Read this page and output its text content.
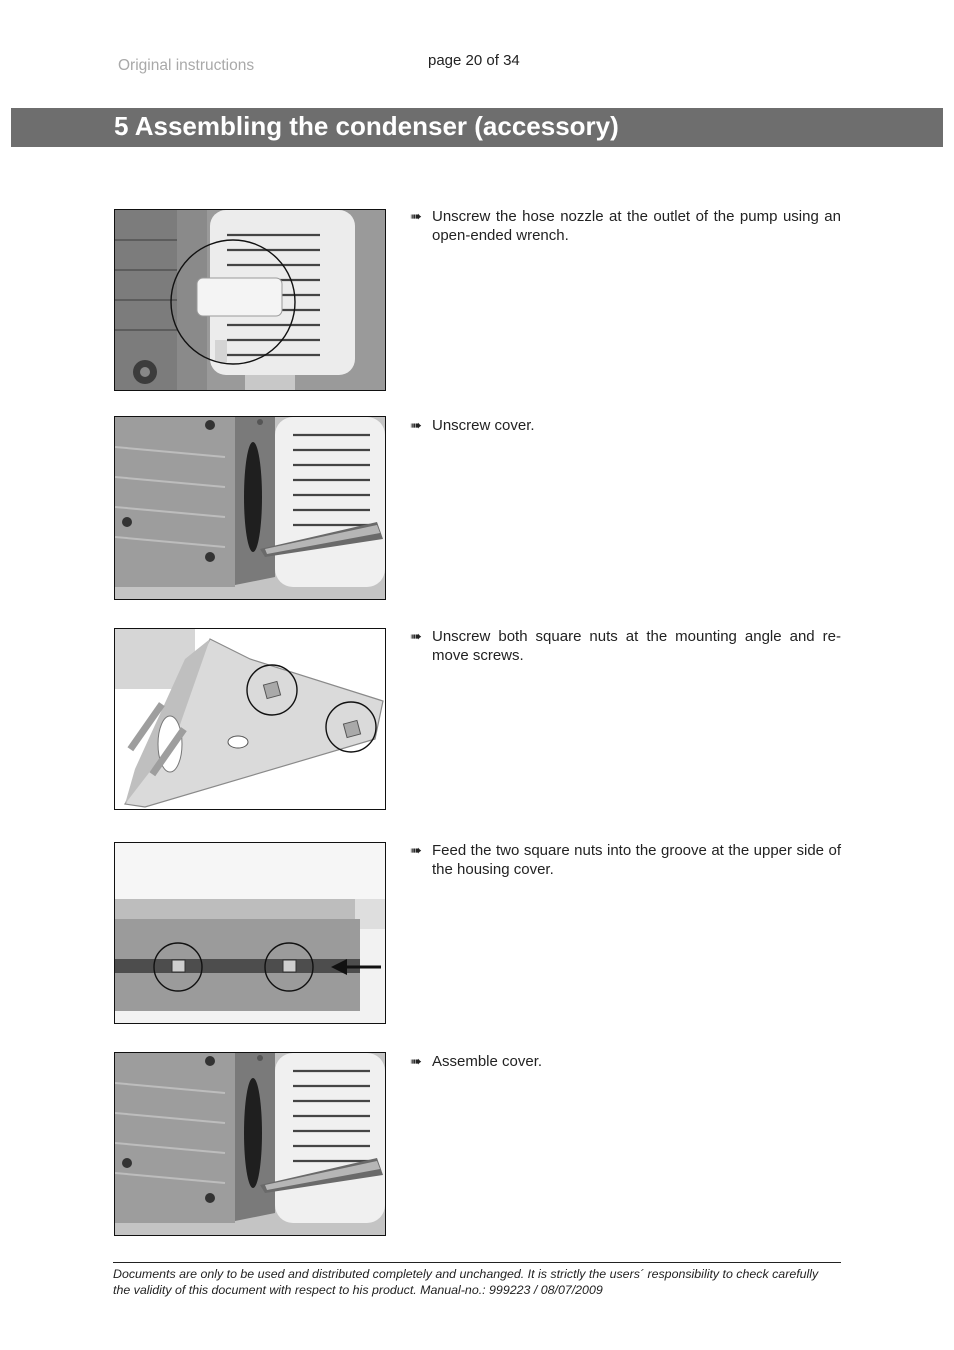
Original instructions	page 20 of 34
5 Assembling the condenser (accessory)
➠ Unscrew the hose nozzle at the outlet of the pump using an open-ended wrench.
➠ Unscrew cover.
➠ Unscrew both square nuts at the mounting angle and re-move screws.
➠ Feed the two square nuts into the groove at the upper side of the housing cover.
➠ Assemble cover.
Documents are only to be used and distributed completely and unchanged. It is strictly the users´ responsibility to check carefully
the validity of this document with respect to his product. Manual-no.: 999223 / 08/07/2009
